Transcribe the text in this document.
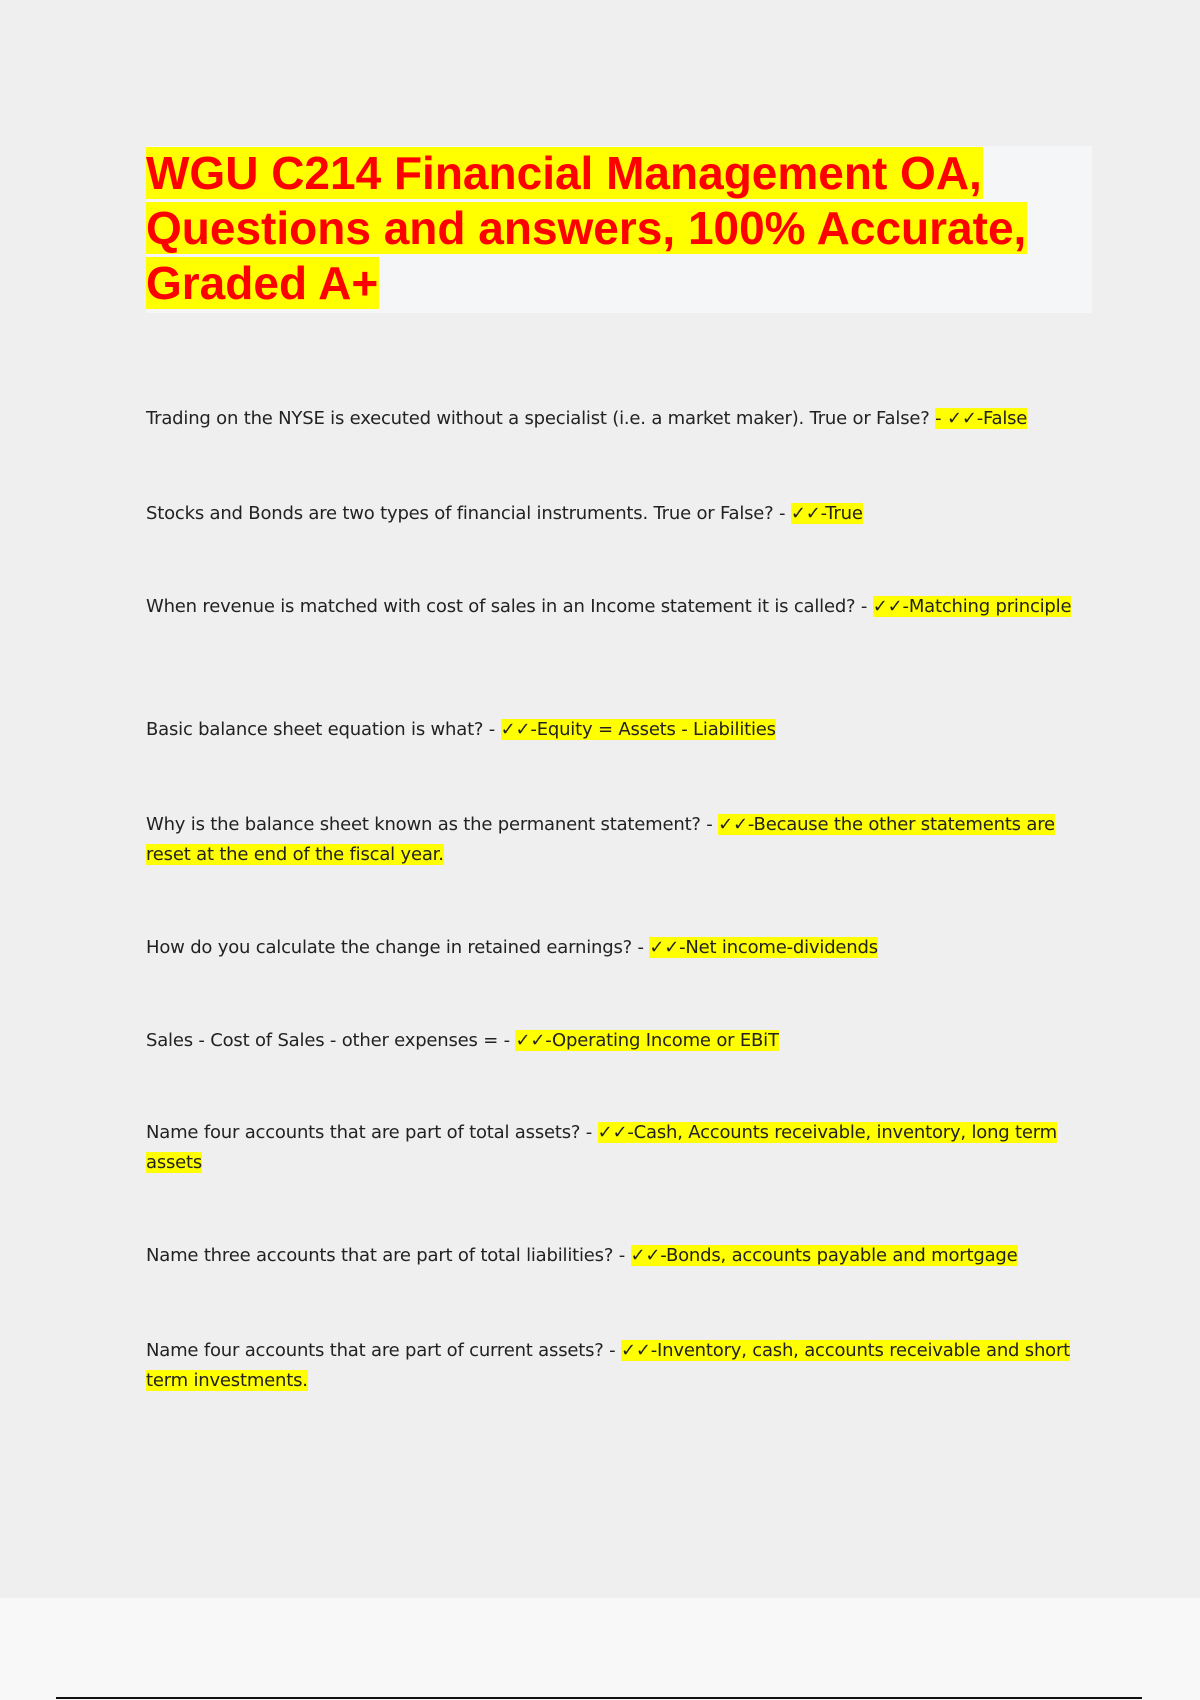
WGU C214 Financial Management OA, Questions and answers, 100% Accurate, Graded A+
Trading on the NYSE is executed without a specialist (i.e. a market maker). True or False? - ✓✓-False
Stocks and Bonds are two types of financial instruments. True or False? - ✓✓-True
When revenue is matched with cost of sales in an Income statement it is called? - ✓✓-Matching principle
Basic balance sheet equation is what? - ✓✓-Equity = Assets - Liabilities
Why is the balance sheet known as the permanent statement? - ✓✓-Because the other statements are reset at the end of the fiscal year.
How do you calculate the change in retained earnings? - ✓✓-Net income-dividends
Sales - Cost of Sales - other expenses = - ✓✓-Operating Income or EBiT
Name four accounts that are part of total assets? - ✓✓-Cash, Accounts receivable, inventory, long term assets
Name three accounts that are part of total liabilities? - ✓✓-Bonds, accounts payable and mortgage
Name four accounts that are part of current assets? - ✓✓-Inventory, cash, accounts receivable and short term investments.
